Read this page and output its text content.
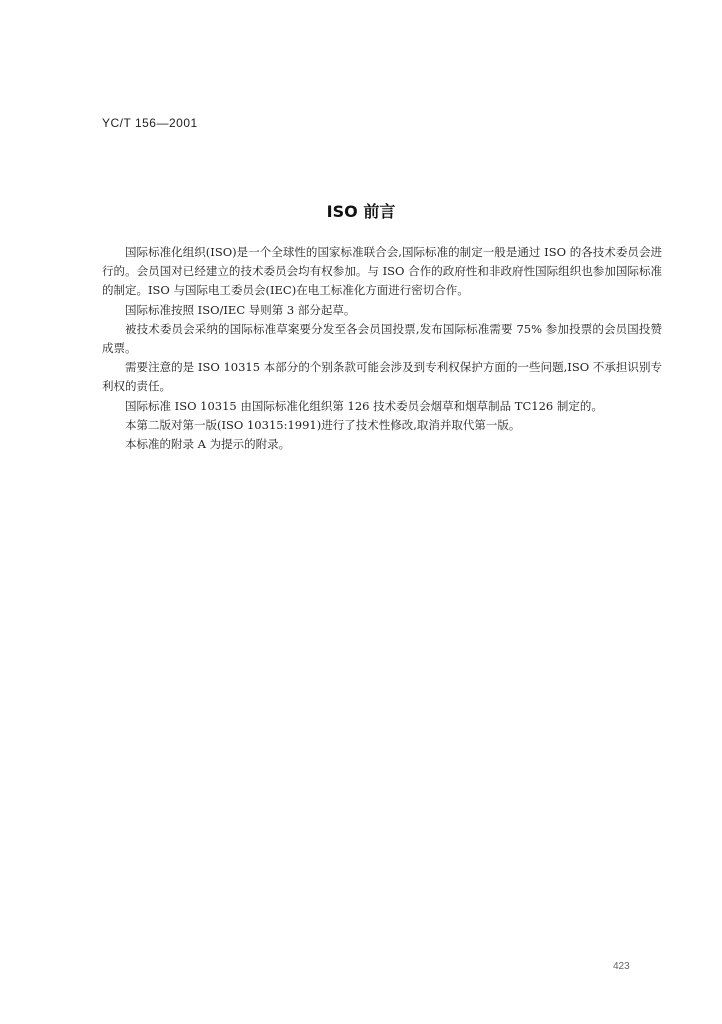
YC/T 156—2001
ISO 前言

国际标准化组织(ISO)是一个全球性的国家标准联合会,国际标准的制定一般是通过 ISO 的各技术委员会进行的。会员国对已经建立的技术委员会均有权参加。与 ISO 合作的政府性和非政府性国际组织也参加国际标准的制定。ISO 与国际电工委员会(IEC)在电工标准化方面进行密切合作。

国际标准按照 ISO/IEC 导则第 3 部分起草。

被技术委员会采纳的国际标准草案要分发至各会员国投票,发布国际标准需要 75% 参加投票的会员国投赞成票。

需要注意的是 ISO 10315 本部分的个别条款可能会涉及到专利权保护方面的一些问题,ISO 不承担识别专利权的责任。

国际标准 ISO 10315 由国际标准化组织第 126 技术委员会烟草和烟草制品 TC126 制定的。

本第二版对第一版(ISO 10315:1991)进行了技术性修改,取消并取代第一版。

本标准的附录 A 为提示的附录。

423
